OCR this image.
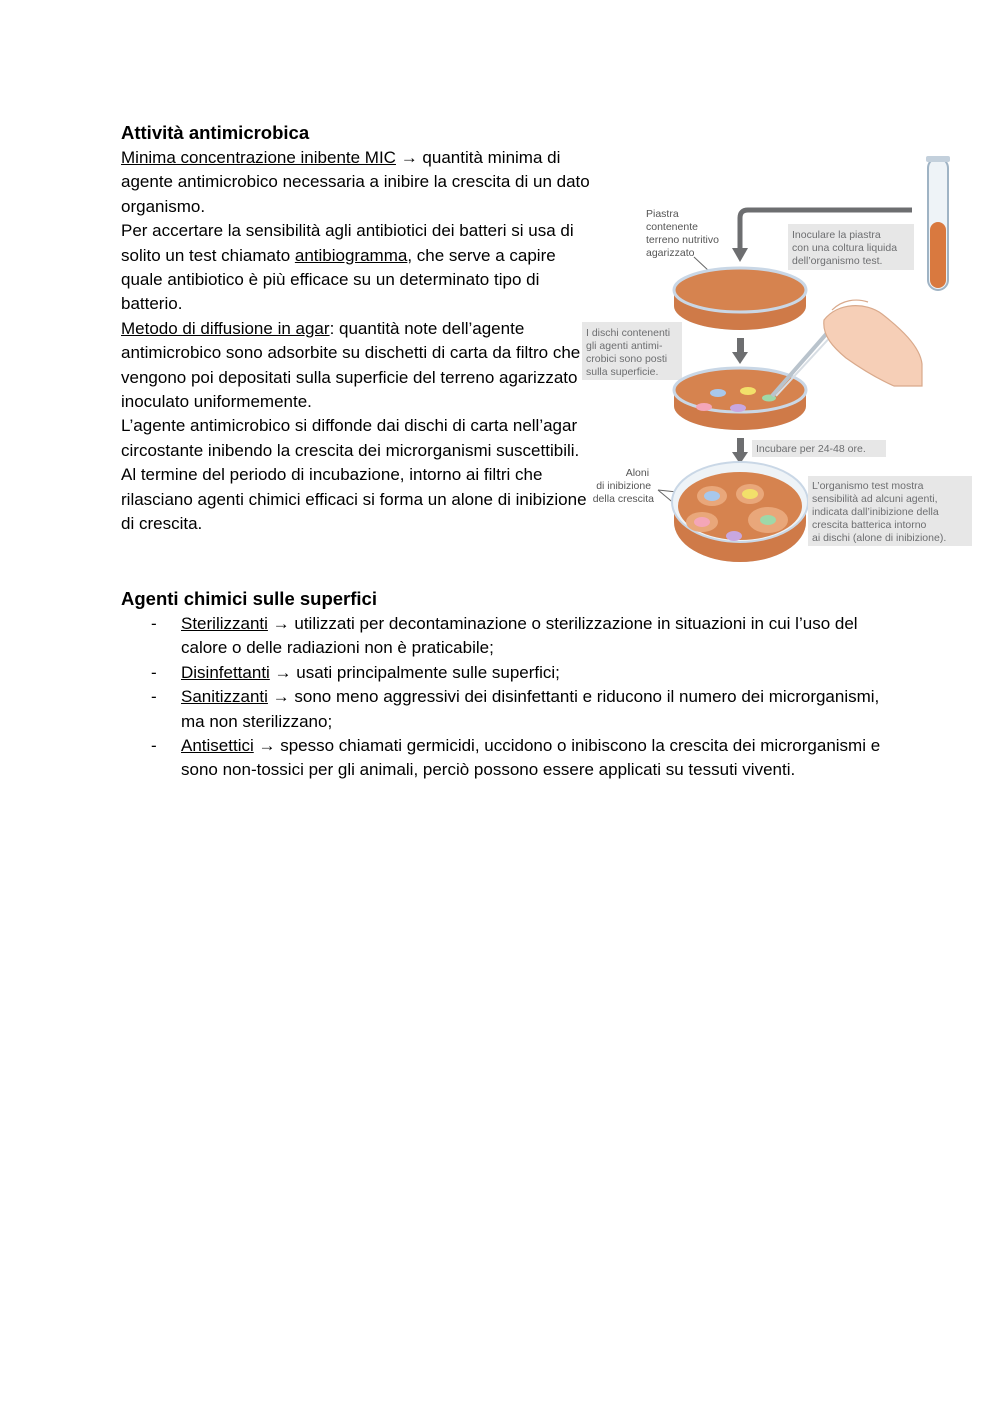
Attività antimicrobica

Minima concentrazione inibente MIC → quantità minima di agente antimicrobico necessaria a inibire la crescita di un dato organismo.

Per accertare la sensibilità agli antibiotici dei batteri si usa di solito un test chiamato antibiogramma, che serve a capire quale antibiotico è più efficace su un determinato tipo di batterio.

Metodo di diffusione in agar: quantità note dell’agente antimicrobico sono adsorbite su dischetti di carta da filtro che vengono poi depositati sulla superficie del terreno agarizzato inoculato uniformemente.

L’agente antimicrobico si diffonde dai dischi di carta nell’agar circostante inibendo la crescita dei microrganismi suscettibili.

Al termine del periodo di incubazione, intorno ai filtri che rilasciano agenti chimici efficaci si forma un alone di inibizione di crescita.

Inoculare la piastra con una coltura liquida dell’organismo test.
Piastra contenente terreno nutritivo agarizzato
I dischi contenenti gli agenti antimi- crobici sono posti sulla superficie.
Incubare per 24-48 ore.
Aloni di inibizione della crescita
L’organismo test mostra sensibilità ad alcuni agenti, indicata dall’inibizione della crescita batterica intorno ai dischi (alone di inibizione).
Agenti chimici sulle superfici
- Sterilizzanti → utilizzati per decontaminazione o sterilizzazione in situazioni in cui l’uso del calore o delle radiazioni non è praticabile;
- Disinfettanti → usati principalmente sulle superfici;
- Sanitizzanti → sono meno aggressivi dei disinfettanti e riducono il numero dei microrganismi, ma non sterilizzano;
- Antisettici → spesso chiamati germicidi, uccidono o inibiscono la crescita dei microrganismi e sono non-tossici per gli animali, perciò possono essere applicati su tessuti viventi.
